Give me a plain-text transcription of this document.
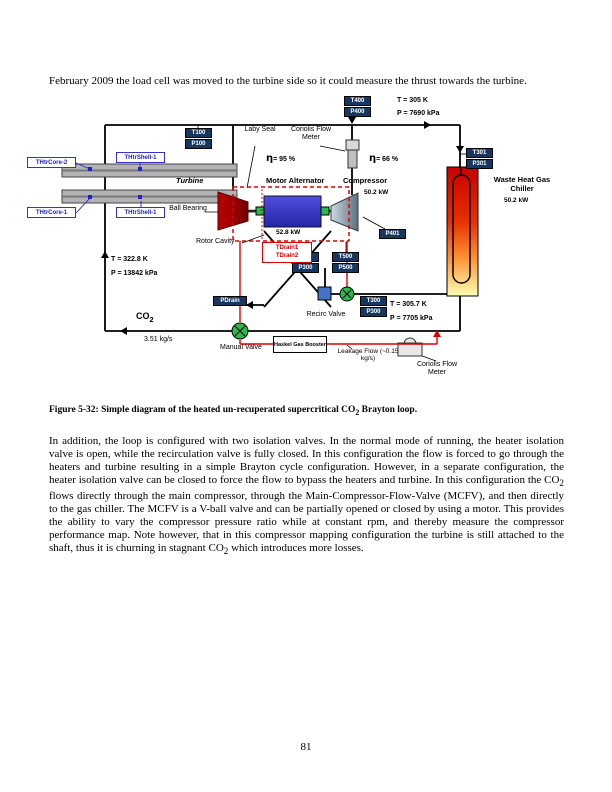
February 2009 the load cell was moved to the turbine side so it could measure the thrust towards the turbine.

T400
P400
T100
P100
T301
P301
P401
P300
T500
P500
PDrain	T300
P300
THtrCore-2
THtrShell-1
THtrCore-1	THtrShell-1
TDrain1
TDrain2
Haskel Gas Booster
Laby Seal	Coriolis Flow Meter
η= 95 %	η= 66 %
T = 305 K
P = 7690 kPa
Turbine	Motor Alternator Compressor
50.2 kW
Waste Heat Gas Chiller
50.2 kW
Ball Bearing
52.8 kW
Rotor Cavity
T = 322.8 K
P = 13842 kPa
Recirc Valve
T = 305.7 K
P = 7705 kPa
$CO_2$
3.51 kg/s
Manual Valve
Leakage Flow (~0.15 kg/s)
Coriolis Flow Meter

Figure 5-32: Simple diagram of the heated un-recuperated supercritical $CO_2$ Brayton loop.

In addition, the loop is configured with two isolation valves. In the normal mode of running, the heater isolation valve is open, while the recirculation valve is fully closed. In this configuration the flow is forced to go through the heaters and turbine resulting in a simple Brayton cycle configuration. However, in a separate configuration, the heater isolation valve can be closed to force the flow to bypass the heaters and turbine. In this configuration the $CO_2$ flows directly through the main compressor, through the Main-Compressor-Flow-Valve (MCFV), and then directly to the gas chiller. The MCFV is a V-ball valve and can be partially opened or closed by using a motor. This provides the ability to vary the compressor pressure ratio while at constant rpm, and thereby measure the compressor performance map. Note however, that in this compressor mapping configuration the turbine is still attached to the shaft, thus it is churning in stagnant $CO_2$ which introduces more losses.

81
